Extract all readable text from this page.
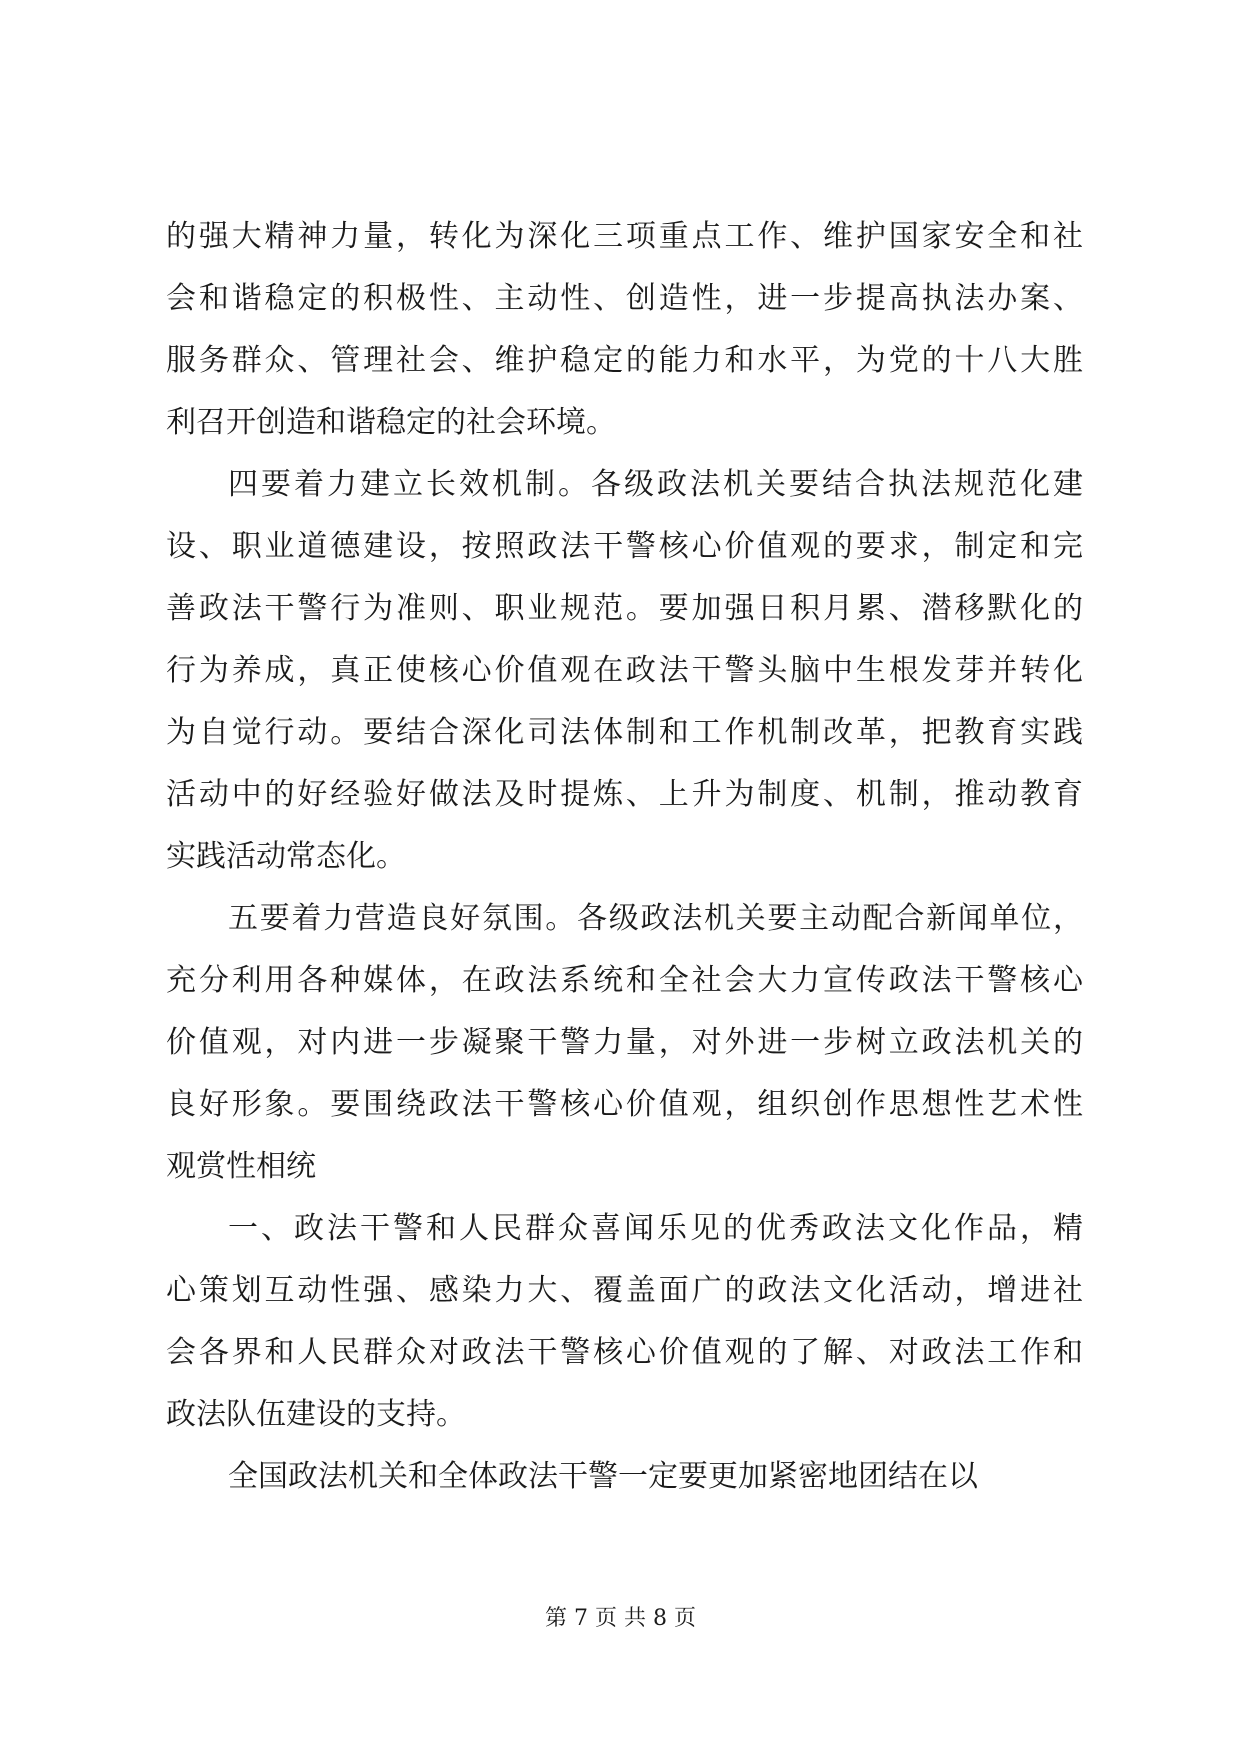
的强大精神力量，转化为深化三项重点工作、维护国家安全和社
会和谐稳定的积极性、主动性、创造性，进一步提高执法办案、
服务群众、管理社会、维护稳定的能力和水平，为党的十八大胜
利召开创造和谐稳定的社会环境。
四要着力建立长效机制。各级政法机关要结合执法规范化建
设、职业道德建设，按照政法干警核心价值观的要求，制定和完
善政法干警行为准则、职业规范。要加强日积月累、潜移默化的
行为养成，真正使核心价值观在政法干警头脑中生根发芽并转化
为自觉行动。要结合深化司法体制和工作机制改革，把教育实践
活动中的好经验好做法及时提炼、上升为制度、机制，推动教育
实践活动常态化。
五要着力营造良好氛围。各级政法机关要主动配合新闻单位，
充分利用各种媒体，在政法系统和全社会大力宣传政法干警核心
价值观，对内进一步凝聚干警力量，对外进一步树立政法机关的
良好形象。要围绕政法干警核心价值观，组织创作思想性艺术性
观赏性相统
一、政法干警和人民群众喜闻乐见的优秀政法文化作品，精
心策划互动性强、感染力大、覆盖面广的政法文化活动，增进社
会各界和人民群众对政法干警核心价值观的了解、对政法工作和
政法队伍建设的支持。
全国政法机关和全体政法干警一定要更加紧密地团结在以
第 7 页 共 8 页
